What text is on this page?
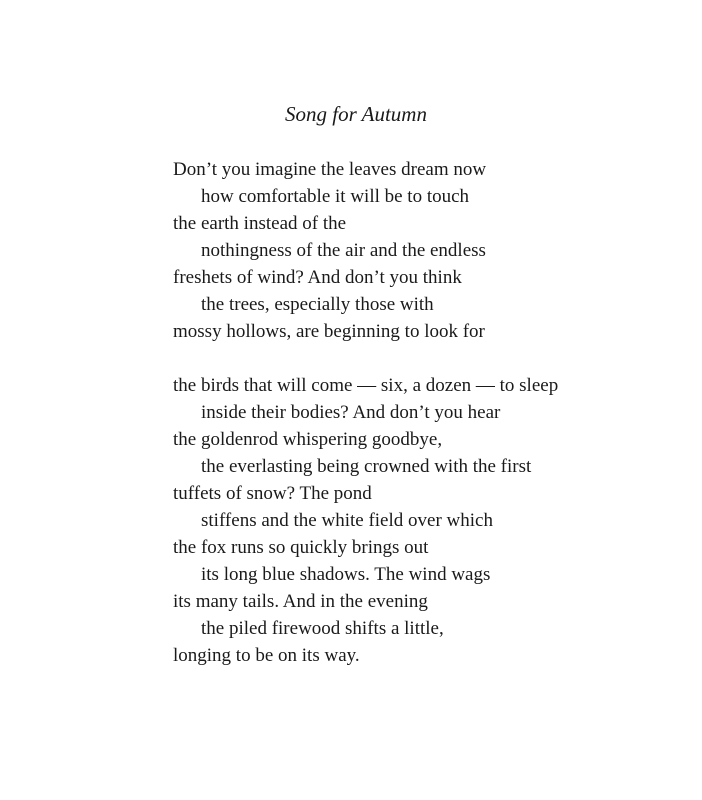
Song for Autumn
Don’t you imagine the leaves dream now
how comfortable it will be to touch
the earth instead of the
nothingness of the air and the endless
freshets of wind? And don’t you think
the trees, especially those with
mossy hollows, are beginning to look for
the birds that will come — six, a dozen — to sleep
inside their bodies? And don’t you hear
the goldenrod whispering goodbye,
the everlasting being crowned with the first
tuffets of snow? The pond
stiffens and the white field over which
the fox runs so quickly brings out
its long blue shadows. The wind wags
its many tails. And in the evening
the piled firewood shifts a little,
longing to be on its way.
